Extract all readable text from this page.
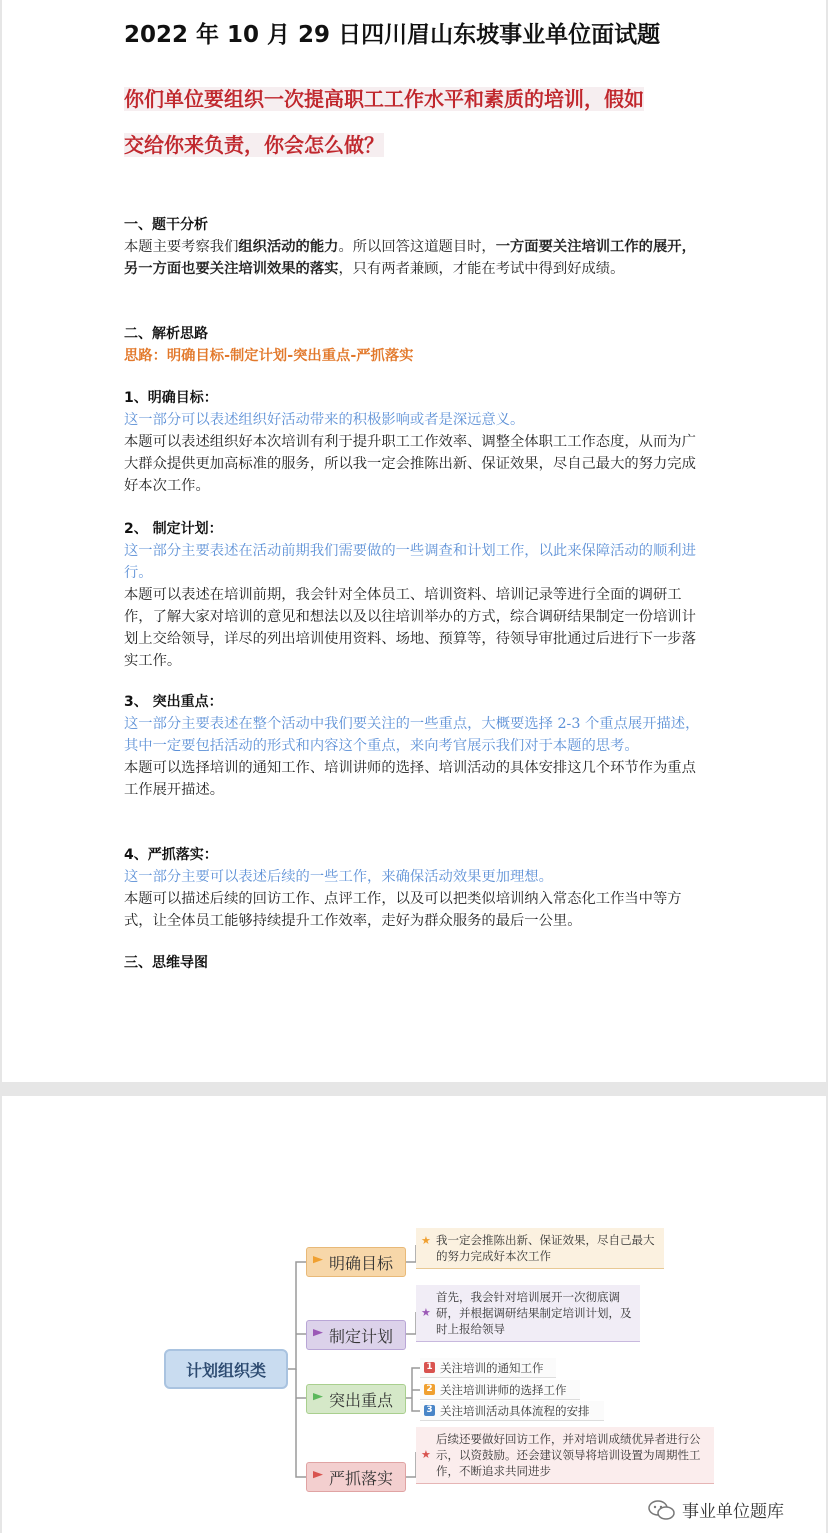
2022 年 10 月 29 日四川眉山东坡事业单位面试题
你们单位要组织一次提高职工工作水平和素质的培训，假如
交给你来负责，你会怎么做？
一、题干分析
本题主要考察我们组织活动的能力。所以回答这道题目时，一方面要关注培训工作的展开，另一方面也要关注培训效果的落实，只有两者兼顾，才能在考试中得到好成绩。
二、解析思路
思路：明确目标-制定计划-突出重点-严抓落实
1、明确目标：
这一部分可以表述组织好活动带来的积极影响或者是深远意义。
本题可以表述组织好本次培训有利于提升职工工作效率、调整全体职工工作态度，从而为广大群众提供更加高标准的服务，所以我一定会推陈出新、保证效果，尽自己最大的努力完成好本次工作。
2、 制定计划：
这一部分主要表述在活动前期我们需要做的一些调查和计划工作，以此来保障活动的顺利进行。
本题可以表述在培训前期，我会针对全体员工、培训资料、培训记录等进行全面的调研工作，了解大家对培训的意见和想法以及以往培训举办的方式，综合调研结果制定一份培训计划上交给领导，详尽的列出培训使用资料、场地、预算等，待领导审批通过后进行下一步落实工作。
3、 突出重点：
这一部分主要表述在整个活动中我们要关注的一些重点，大概要选择 2-3 个重点展开描述，其中一定要包括活动的形式和内容这个重点，来向考官展示我们对于本题的思考。
本题可以选择培训的通知工作、培训讲师的选择、培训活动的具体安排这几个环节作为重点工作展开描述。
4、严抓落实：
这一部分主要可以表述后续的一些工作，来确保活动效果更加理想。
本题可以描述后续的回访工作、点评工作，以及可以把类似培训纳入常态化工作当中等方式，让全体员工能够持续提升工作效率，走好为群众服务的最后一公里。
三、思维导图
计划组织类
明确目标
制定计划
突出重点
严抓落实
★ 我一定会推陈出新、保证效果，尽自己最大的努力完成好本次工作
★
首先，我会针对培训展开一次彻底调研，并根据调研结果制定培训计划，及时上报给领导
1 关注培训的通知工作
2 关注培训讲师的选择工作
3 关注培训活动具体流程的安排
★
后续还要做好回访工作，并对培训成绩优异者进行公示，以资鼓励。还会建议领导将培训设置为周期性工作，不断追求共同进步
事业单位题库
